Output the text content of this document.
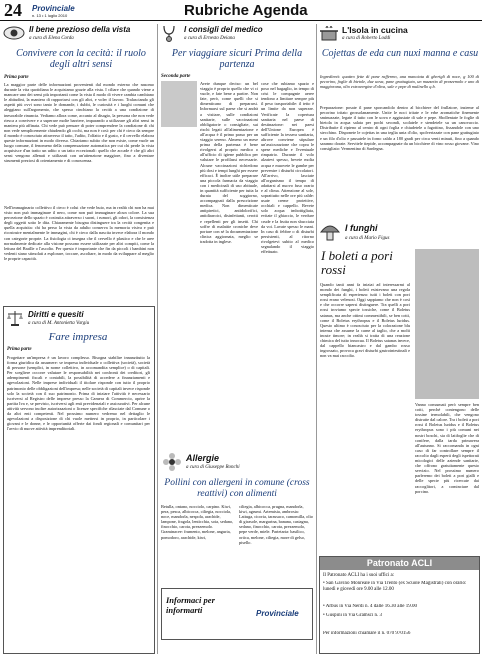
24 Provinciale
n. 13 • 1 luglio 2010	Rubriche Agenda
Il bene prezioso della vista
a cura di Elena Corda
Convivere con la cecità: il ruolo degli altri sensi
Prima parte
La maggior parte delle informazioni provenienti dal mondo esterno che nasomo durante la vita quotidiana le acquisiamo grazie alla vista. I ciliare che quando viene a mancare uno dei sensi più importanti come la vista il modo di vivere cambia cambiano le abitudini, la maniera di rapportarsi con gli altri, e voler il lavoro. Tralasciando gli aspetti più ovvi sono tanto le domande, i dubbi, le curiosità e i luoghi comuni che aleggiano sull'argomento, che spesso cinchiano la cecità a una condizione di inesorabile rinuncia. Vediamo allora come, accanto al disagio, la persona che non vede riesca a convivere e a superare molte barriere, imparando a utilizzare gli altri sensi in maniera più affinata. Chi vede può pensare di poter comprendere la condizione di chi non vede semplicemente chiudendo gli occhi, ma non è così: per chi è cieco da sempre il mondo è conosciuto attraverso il tatto, l'udito, l'olfatto e il gusto, e il cervello elabora queste informazioni in modo diverso. Chiariamo subito che non esiste, come vuole un luogo comune, il fenomeno della compensazione automatica per cui chi perde la vista acquisisce d'un tratto un udito o un tatto eccezionali: quello che accade è che gli altri sensi vengono allenati e utilizzati con un'attenzione maggiore, fino a diventare strumenti preziosi di orientamento e di conoscenza.
Nell'immaginario collettivo il cieco è colui che vede buio, ma in realtà chi non ha mai visto non può immaginare il nero, come non può immaginare alcun colore. La sua percezione dello spazio è costruita attraverso i suoni, i rumori, gli odori, la consistenza degli oggetti sotto le dita. Chiaramente bisogna distinguere tra la cecità congenita e quella acquisita: chi ha perso la vista da adulto conserva la memoria visiva e può ricostruire mentalmente le immagini, chi è cieco dalla nascita invece elabora il mondo con categorie proprie. La fisiologia ci insegna che il cervello è plastico e che le aree normalmente dedicate alla visione possono essere utilizzate per altri compiti, come la lettura del Braille o l'ascolto. Per questo è importante che fin da piccoli i bambini non vedenti siano stimolati a esplorare, toccare, ascoltare, in modo da sviluppare al meglio le proprie capacità.
Diritti e quesiti
a cura di M. Antonietta Vargiu
Fare impresa
Prima parte
Progettare un'impresa è un lavoro complesso. Bisogna stabilire innanzitutto la forma giuridica da assumere: se impresa individuale o collettiva (società), società di persone (semplici, in nome collettivo, in accomandita semplice) o di capitali. Per scegliere occorre valutare le responsabilità nei confronti dei creditori, gli adempimenti fiscali e contabili, la possibilità di accedere a finanziamenti e agevolazioni. Nelle imprese individuali il titolare risponde con tutto il proprio patrimonio delle obbligazioni dell'impresa; nelle società di capitali invece risponde solo la società con il suo patrimonio. Prima di iniziare l'attività è necessario iscriversi al Registro delle imprese presso la Camera di Commercio, aprire la partita Iva e, se previsto, iscriversi agli enti previdenziali e assicurativi. Per alcune attività servono inoltre autorizzazioni o licenze specifiche rilasciate dal Comune o da altri enti competenti. Nel prossimo numero vedremo nel dettaglio le agevolazioni a disposizione di chi vuole mettersi in proprio, in particolare i giovani e le donne, e le opportunità offerte dai fondi regionali e comunitari per l'avvio di nuove attività imprenditoriali.
I consigli del medico
a cura di Ernesto Deiana
Per viaggiare sicuri Prima della partenza
Seconda parte
Avete dunque deciso: un bel viaggio è proprio quello che vi ci vuole, e fate bene a partire. Non fate, però, come quelli che si dimenticano di prepararsi. Informarsi sul paese che si andrà a visitare, sulle condizioni sanitarie, sulle vaccinazioni obbligatorie o consigliate, sui rischi legati all'alimentazione e all'acqua è il primo passo per un viaggio sereno. Almeno un mese prima della partenza è bene rivolgersi al proprio medico o all'ufficio di igiene pubblica per valutare le profilassi necessarie. Alcune vaccinazioni richiedono più dosi e tempi lunghi per essere efficaci. È inoltre utile preparare una piccola farmacia da viaggio con i medicinali di uso abituale, in quantità sufficiente per tutta la durata del soggiorno, accompagnati dalla prescrizione medica. Non dimenticate antipiretici, antidolorifici, antidiarroici, disinfettanti, cerotti e repellenti per gli insetti. Chi soffre di malattie croniche deve portare con sé la documentazione clinica aggiornata, meglio se tradotta in inglese.
cose che rubiamo spazio e poso nel bagaglio, in tempo di crisi le compagnie aeree tendono a limitare sempre più il peso trasportabile: il tetto è un limite da non superare. Verificate la copertura sanitaria nel paese di destinazione: nei paesi dell'Unione Europea è sufficiente la tessera sanitaria, altrove conviene stipulare un'assicurazione che copra le spese mediche e l'eventuale rimpatrio. Durante il volo alzatevi spesso, bevete molta acqua e muovete le gambe per prevenire i disturbi circolatori. All'arrivo, lasciate all'organismo il tempo di adattarsi al nuovo fuso orario e al clima. Attenzione al sole, soprattutto nelle ore più calde: usate creme protettive, occhiali e cappello. Bevete solo acqua imbottigliata, evitate il ghiaccio, le verdure crude e la frutta non sbucciata da voi. Lavate spesso le mani. In caso di febbre o di disturbi persistenti, al ritorno rivolgetevi subito al medico segnalando il viaggio effettuato.
Allergie
a cura di Giuseppe Ronchi
Pollini con allergeni in comune (cross reattivi) con alimenti
Betulla, ontano, nocciolo, carpino. Kiwi, pera, pesca, albicocca, ciliegia, nocciola, noce, mandorla, nespola, arachide, lampone, fragola, lenticchia, soia, sedano, finocchio, carota, prezzemolo. Graminacee: frumento, melone, anguria, pomodoro, arachide, kiwi,
ciliegia, albicocca, prugna, mandorla, kiwi, agrumi. Artemisia, ambrosia: Lattuga, cicoria, tarassaco, camomilla, olio di girasole, margarina, banana, castagna, sedano, finocchio, carota, prezzemolo, pepe verde, miele. Parietaria: basilico, ortica, melone, ciliegia, more di gelso, pisello.
Informaci per informarti	Provinciale
L'Isola in cucina
a cura di Roberto Loddi
Cojettas de eda cun nuxi manna e casu
Ingredienti: quattro fette di pane raffermo, una manciata di gherigli di noce, g 100 di pecorino, foglie di bietole, due uova, pane grattugiato, un mazzetto di prezzemolo e uno di maggiorana, olio extravergine d'oliva, sale e pepe di mulinello q.b.
Preparazione: posate il pane sporcandolo dentro al bicchiere del frullatore, insieme al pecorino tritato grossolanamente. Unite le noci tritate e le erbe aromatiche finemente sminuzzate, legate il tutto con le uova e aggiustate di sale e pepe. Sbollentate le foglie di bietola in acqua salata per pochi secondi, scolatele e stendetele su un canovaccio. Distribuite il ripieno al centro di ogni foglia e chiudetele a fagottino, fissandole con uno stecchino. Disponete le cojettas in una teglia unta d'olio, spolverizzate con pane grattugiato e un filo d'olio e passatele in forno caldo a 180 gradi per circa venti minuti, fino a quando saranno dorate. Servitele tiepide, accompagnate da un bicchiere di vino rosso giovane. Vino consigliato: Vermentino di Sardegna.
I funghi
a cura di Mario Figus
I boleti a pori rossi
Quando tanti anni fa iniziai ad interessarmi al mondo dei funghi, i boleti esistevano una regola semplificata di esperienza: tutti i boleti con pori rossi erano velenosi. Oggi sappiamo che non è così e che occorre sapersi distinguere. Tra quelli a pori rossi troviamo specie tossiche, come il Boletus satanas, ma anche ottimi commestibili, se ben cotti, come il Boletus erythropus e il Boletus luridus. Questo ultimo è conosciuto per la colorazione blu intensa che assume la carne al taglio, che a molti incute timore; in realtà si tratta di una reazione chimica del tutto innocua. Il Boletus satanas invece, dal cappello biancastro e dal gambo rosso ingrossato, provoca gravi disturbi gastrointestinali e non va mai raccolto.
Vanno consumati però sempre ben cotti, perché contengono delle tossine termolabili, che vengono distrutte dal calore. Tra i boleti a pori rossi il Boletus luridus e il Boletus erythropus sono i più comuni nei nostri boschi, sia di latifoglie che di conifere, dalla tarda primavera all'autunno. Si raccomanda in ogni caso di far controllare sempre il raccolto dagli esperti degli ispettorati micologici delle aziende sanitarie, che offrono gratuitamente questo servizio. Nel prossimo numero parleremo dei boleti a pori gialli e delle specie più ricercate dai raccoglitori, a cominciare dal porcino.
Patronato ACLI
Il Patronato ACLI ha i suoi uffici a:
• San Gavino Monreale in Via Trento (ex Scuole Magistrali) con orario: lunedì e giovedì ore 9.00 alle 12.00
• Arbus in Via Nerdi n. 4 dalle 16.30 alle 19.00
• Guspini in Via Gramsci n. 3
Per informazioni chiamare il n. 070 970156
